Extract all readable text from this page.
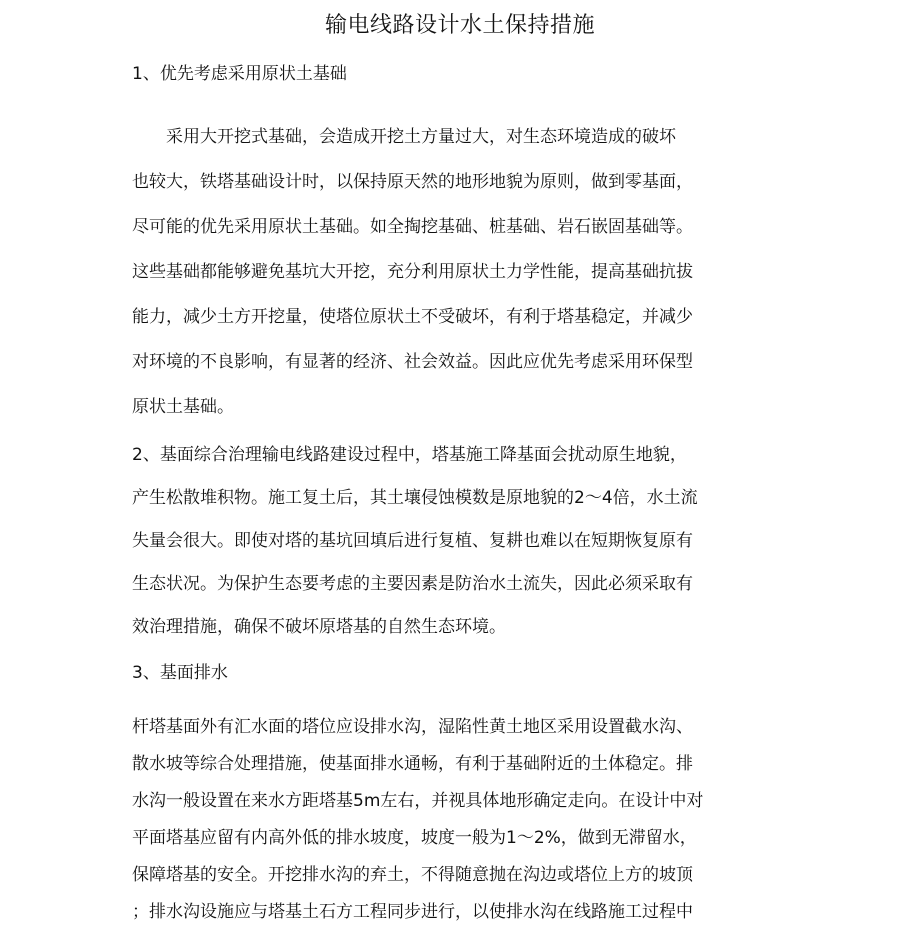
输电线路设计水土保持措施
1、优先考虑采用原状土基础
　　采用大开挖式基础，会造成开挖土方量过大，对生态环境造成的破坏
也较大，铁塔基础设计时，以保持原天然的地形地貌为原则，做到零基面，
尽可能的优先采用原状土基础。如全掏挖基础、桩基础、岩石嵌固基础等。
这些基础都能够避免基坑大开挖，充分利用原状土力学性能，提高基础抗拔
能力，减少土方开挖量，使塔位原状土不受破坏，有利于塔基稳定，并减少
对环境的不良影响，有显著的经济、社会效益。因此应优先考虑采用环保型
原状土基础。
2、基面综合治理输电线路建设过程中，塔基施工降基面会扰动原生地貌，
产生松散堆积物。施工复土后，其土壤侵蚀模数是原地貌的2～4倍，水土流
失量会很大。即使对塔的基坑回填后进行复植、复耕也难以在短期恢复原有
生态状况。为保护生态要考虑的主要因素是防治水土流失，因此必须采取有
效治理措施，确保不破坏原塔基的自然生态环境。
3、基面排水
杆塔基面外有汇水面的塔位应设排水沟，湿陷性黄土地区采用设置截水沟、
散水坡等综合处理措施，使基面排水通畅，有利于基础附近的土体稳定。排
水沟一般设置在来水方距塔基5m左右，并视具体地形确定走向。在设计中对
平面塔基应留有内高外低的排水坡度，坡度一般为1～2%，做到无滞留水，
保障塔基的安全。开挖排水沟的弃土，不得随意抛在沟边或塔位上方的坡顶
；排水沟设施应与塔基土石方工程同步进行，以使排水沟在线路施工过程中
